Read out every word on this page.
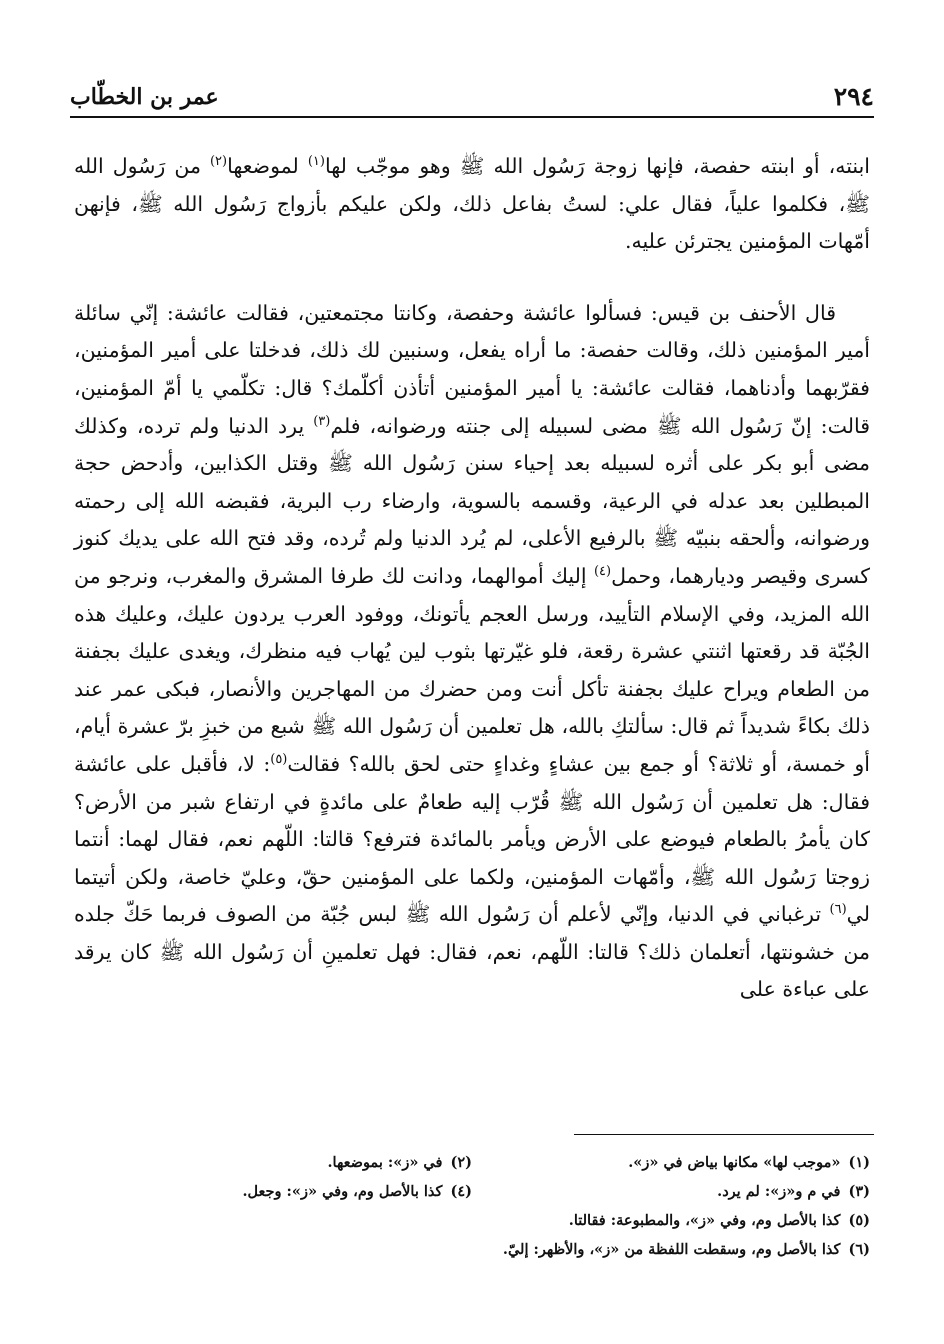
٢٩٤
عمر بن الخطّاب

ابنته، أو ابنته حفصة، فإنها زوجة رَسُول الله ﷺ وهو موجّب لها$^{(١)}$ لموضعها$^{(٢)}$ من رَسُول الله ﷺ، فكلموا علياً، فقال علي: لستُ بفاعل ذلك، ولكن عليكم بأزواج رَسُول الله ﷺ، فإنهن أمّهات المؤمنين يجترئن عليه.

قال الأحنف بن قيس: فسألوا عائشة وحفصة، وكانتا مجتمعتين، فقالت عائشة: إنّي سائلة أمير المؤمنين ذلك، وقالت حفصة: ما أراه يفعل، وسنبين لك ذلك، فدخلتا على أمير المؤمنين، فقرّبهما وأدناهما، فقالت عائشة: يا أمير المؤمنين أتأذن أكلّمك؟ قال: تكلّمي يا أمّ المؤمنين، قالت: إنّ رَسُول الله ﷺ مضى لسبيله إلى جنته ورضوانه، فلم$^{(٣)}$ يرد الدنيا ولم ترده، وكذلك مضى أبو بكر على أثره لسبيله بعد إحياء سنن رَسُول الله ﷺ وقتل الكذابين، وأدحض حجة المبطلين بعد عدله في الرعية، وقسمه بالسوية، وارضاء رب البرية، فقبضه الله إلى رحمته ورضوانه، وألحقه بنبيّه ﷺ بالرفيع الأعلى، لم يُرد الدنيا ولم تُرده، وقد فتح الله على يديك كنوز كسرى وقيصر وديارهما، وحمل$^{(٤)}$ إليك أموالهما، ودانت لك طرفا المشرق والمغرب، ونرجو من الله المزيد، وفي الإسلام التأييد، ورسل العجم يأتونك، ووفود العرب يردون عليك، وعليك هذه الجُبّة قد رقعتها اثنتي عشرة رقعة، فلو غيّرتها بثوب لين يُهاب فيه منظرك، ويغدى عليك بجفنة من الطعام ويراح عليك بجفنة تأكل أنت ومن حضرك من المهاجرين والأنصار، فبكى عمر عند ذلك بكاءً شديداً ثم قال: سألتكِ بالله، هل تعلمين أن رَسُول الله ﷺ شبع من خبزِ برّ عشرة أيام، أو خمسة، أو ثلاثة؟ أو جمع بين عشاءٍ وغداءٍ حتى لحق بالله؟ فقالت$^{(٥)}$: لا، فأقبل على عائشة فقال: هل تعلمين أن رَسُول الله ﷺ قُرّب إليه طعامٌ على مائدةٍ في ارتفاع شبر من الأرض؟ كان يأمرُ بالطعام فيوضع على الأرض ويأمر بالمائدة فترفع؟ قالتا: اللّهم نعم، فقال لهما: أنتما زوجتا رَسُول الله ﷺ، وأمّهات المؤمنين، ولكما على المؤمنين حقّ، وعليّ خاصة، ولكن أتيتما لي$^{(٦)}$ ترغباني في الدنيا، وإنّي لأعلم أن رَسُول الله ﷺ لبس جُبّة من الصوف فربما حَكّ جلده من خشونتها، أتعلمان ذلك؟ قالتا: اللّهم، نعم، فقال: فهل تعلمينِ أن رَسُول الله ﷺ كان يرقد على عباءة على

(١)«موجب لها» مكانها بياض في «ز».
(٢)في «ز»: بموضعها.
(٣)في م و«ز»: لم يرد.
(٤)كذا بالأصل وم، وفي «ز»: وجعل.
(٥)كذا بالأصل وم، وفي «ز»، والمطبوعة: فقالتا.
(٦)كذا بالأصل وم، وسقطت اللفظة من «ز»، والأظهر: إليّ.
